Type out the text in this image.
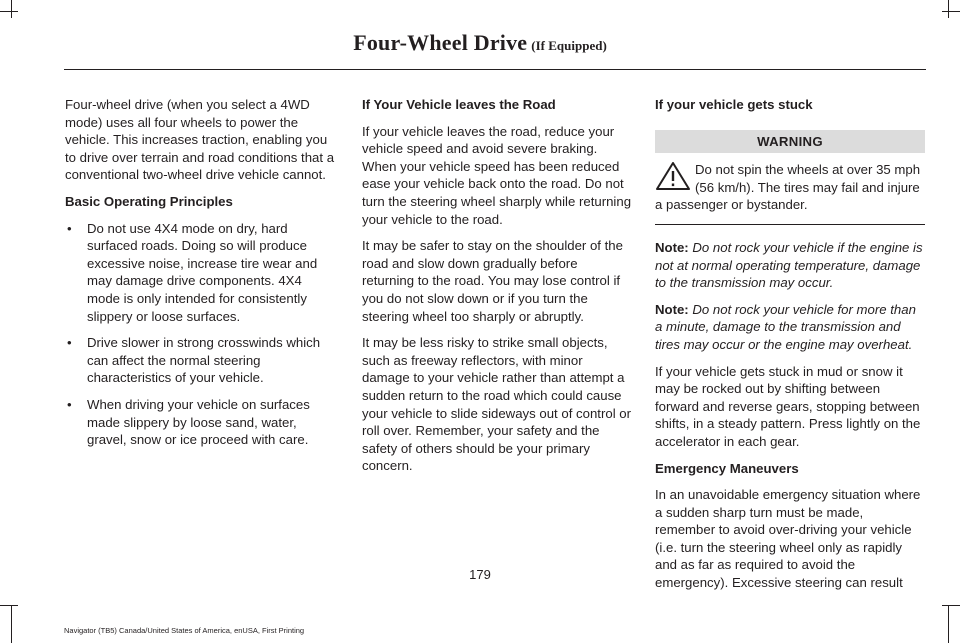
Four-Wheel Drive (If Equipped)

Four-wheel drive (when you select a 4WD mode) uses all four wheels to power the vehicle. This increases traction, enabling you to drive over terrain and road conditions that a conventional two-wheel drive vehicle cannot.

Basic Operating Principles

• Do not use 4X4 mode on dry, hard surfaced roads. Doing so will produce excessive noise, increase tire wear and may damage drive components. 4X4 mode is only intended for consistently slippery or loose surfaces.
• Drive slower in strong crosswinds which can affect the normal steering characteristics of your vehicle.
• When driving your vehicle on surfaces made slippery by loose sand, water, gravel, snow or ice proceed with care.

If Your Vehicle leaves the Road

If your vehicle leaves the road, reduce your vehicle speed and avoid severe braking. When your vehicle speed has been reduced ease your vehicle back onto the road. Do not turn the steering wheel sharply while returning your vehicle to the road.

It may be safer to stay on the shoulder of the road and slow down gradually before returning to the road. You may lose control if you do not slow down or if you turn the steering wheel too sharply or abruptly.

It may be less risky to strike small objects, such as freeway reflectors, with minor damage to your vehicle rather than attempt a sudden return to the road which could cause your vehicle to slide sideways out of control or roll over. Remember, your safety and the safety of others should be your primary concern.

If your vehicle gets stuck

WARNING
Do not spin the wheels at over 35 mph (56 km/h). The tires may fail and injure a passenger or bystander.

Note: Do not rock your vehicle if the engine is not at normal operating temperature, damage to the transmission may occur.

Note: Do not rock your vehicle for more than a minute, damage to the transmission and tires may occur or the engine may overheat.

If your vehicle gets stuck in mud or snow it may be rocked out by shifting between forward and reverse gears, stopping between shifts, in a steady pattern. Press lightly on the accelerator in each gear.

Emergency Maneuvers

In an unavoidable emergency situation where a sudden sharp turn must be made, remember to avoid over-driving your vehicle (i.e. turn the steering wheel only as rapidly and as far as required to avoid the emergency). Excessive steering can result

179
Navigator (TB5) Canada/United States of America, enUSA, First Printing
